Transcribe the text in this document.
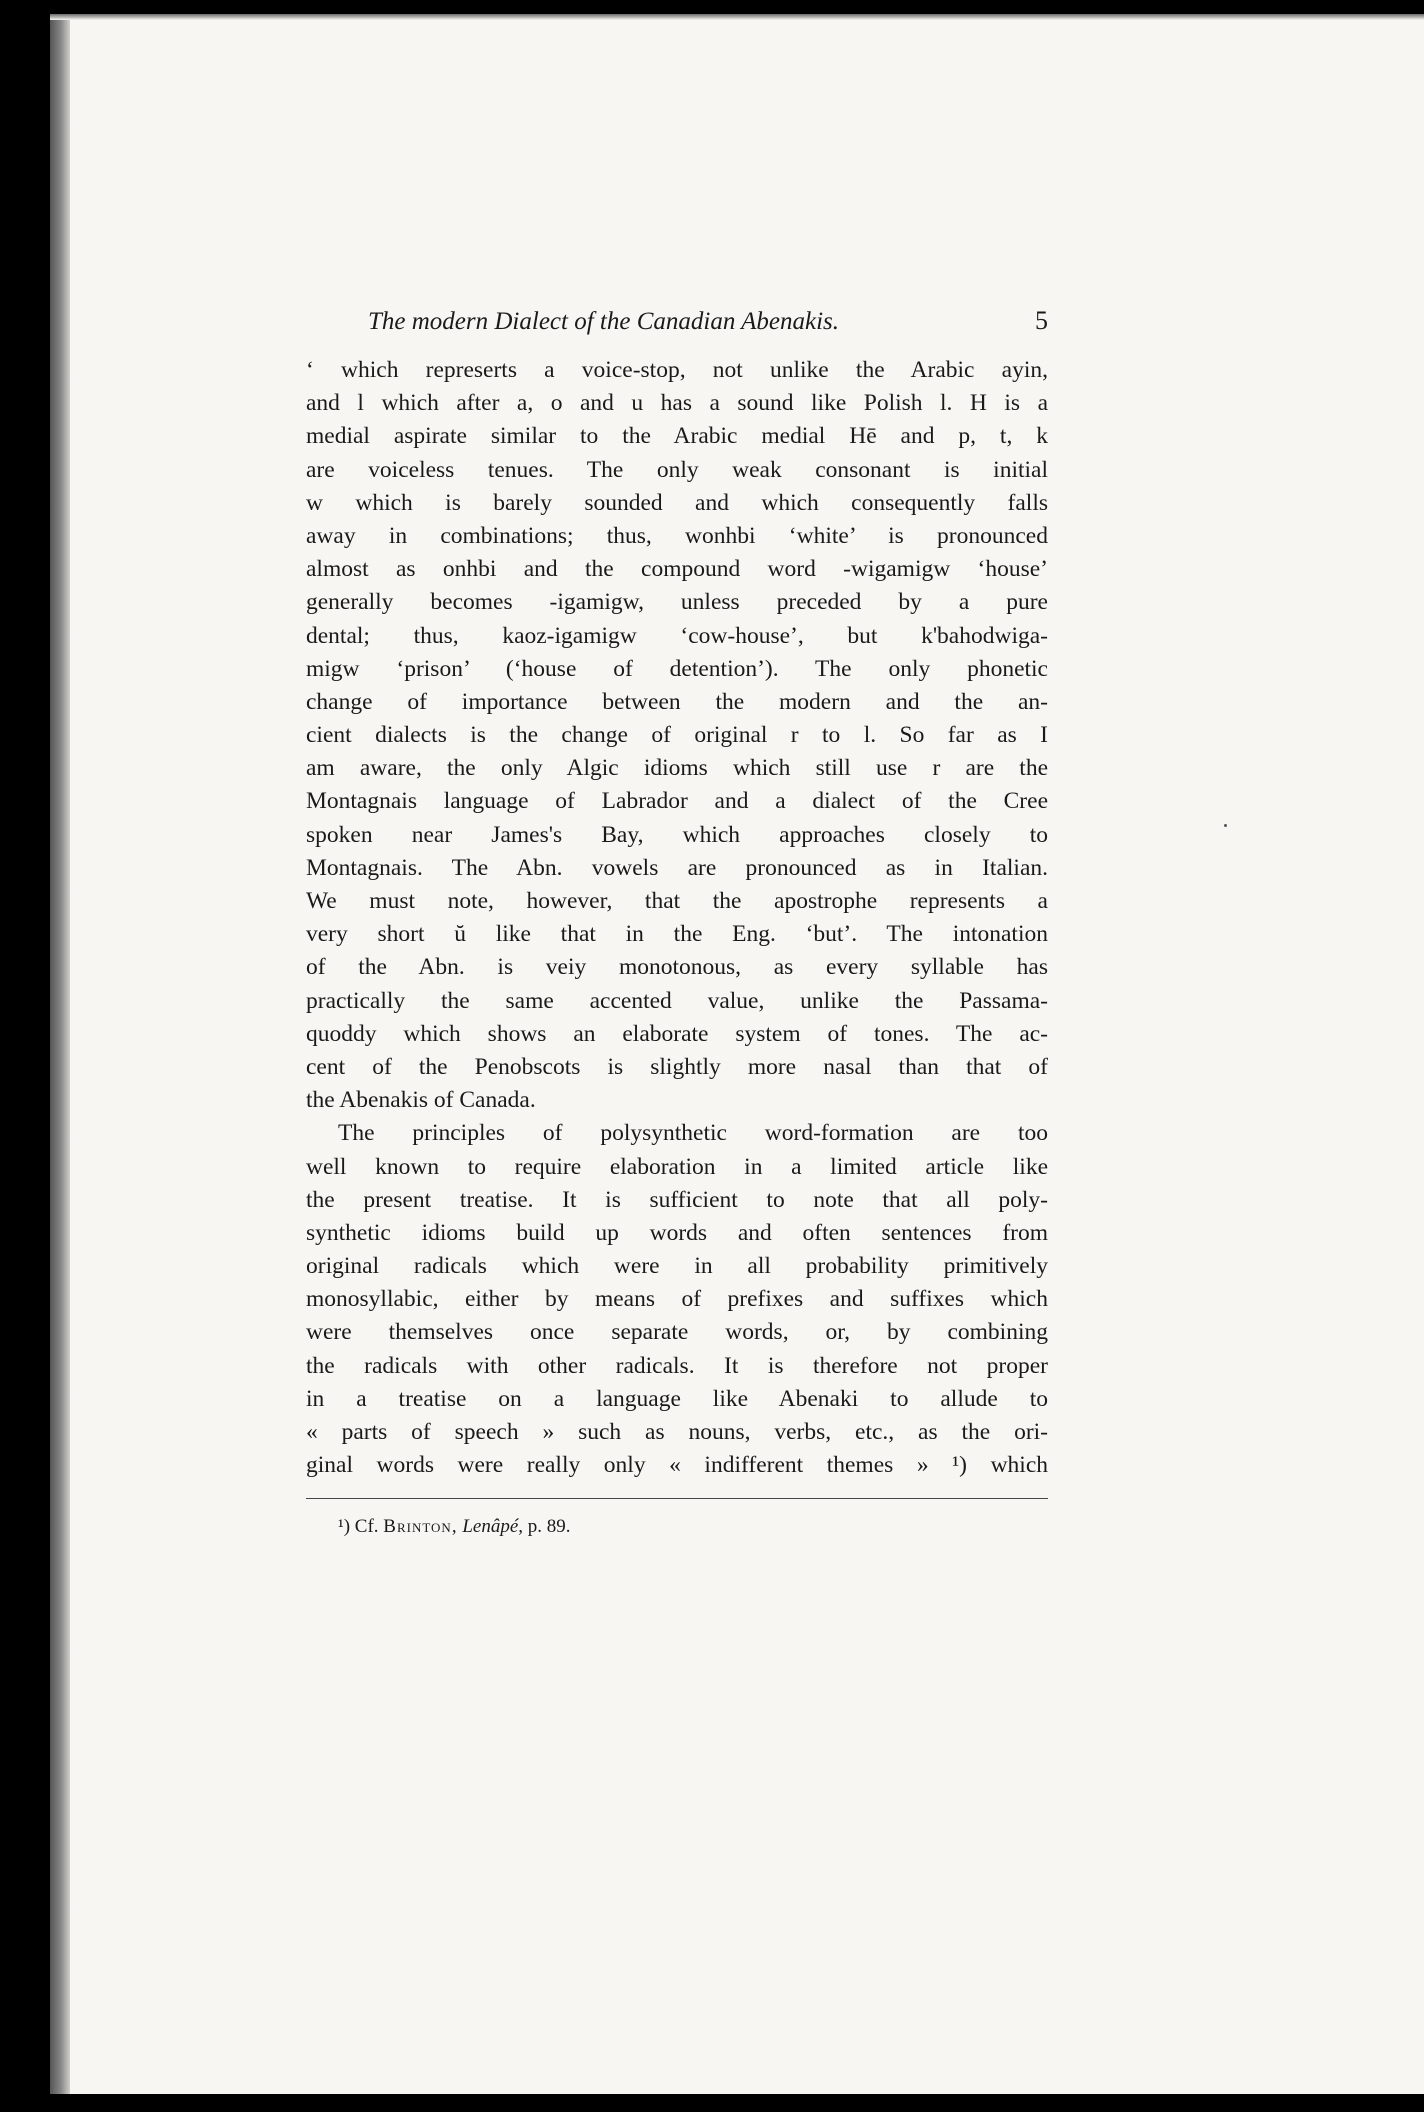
The modern Dialect of the Canadian Abenakis.	5
‘ which represerts a voice-stop, not unlike the Arabic ayin,
and l which after a, o and u has a sound like Polish l. H is a
medial aspirate similar to the Arabic medial Hē and p, t, k
are voiceless tenues. The only weak consonant is initial
w which is barely sounded and which consequently falls
away in combinations; thus, wonhbi ‘white’ is pronounced
almost as onhbi and the compound word -wigamigw ‘house’
generally becomes -igamigw, unless preceded by a pure
dental; thus, kaoz-igamigw ‘cow-house’, but k'bahodwiga-
migw ‘prison’ (‘house of detention’). The only phonetic
change of importance between the modern and the an-
cient dialects is the change of original r to l. So far as I
am aware, the only Algic idioms which still use r are the
Montagnais language of Labrador and a dialect of the Cree
spoken near James's Bay, which approaches closely to
Montagnais. The Abn. vowels are pronounced as in Italian.
We must note, however, that the apostrophe represents a
very short ŭ like that in the Eng. ‘but’. The intonation
of the Abn. is veiy monotonous, as every syllable has
practically the same accented value, unlike the Passama-
quoddy which shows an elaborate system of tones. The ac-
cent of the Penobscots is slightly more nasal than that of
the Abenakis of Canada.
The principles of polysynthetic word-formation are too
well known to require elaboration in a limited article like
the present treatise. It is sufficient to note that all poly-
synthetic idioms build up words and often sentences from
original radicals which were in all probability primitively
monosyllabic, either by means of prefixes and suffixes which
were themselves once separate words, or, by combining
the radicals with other radicals. It is therefore not proper
in a treatise on a language like Abenaki to allude to
« parts of speech » such as nouns, verbs, etc., as the ori-
ginal words were really only « indifferent themes » ¹) which
¹) Cf. Brinton, Lenâpé, p. 89.
